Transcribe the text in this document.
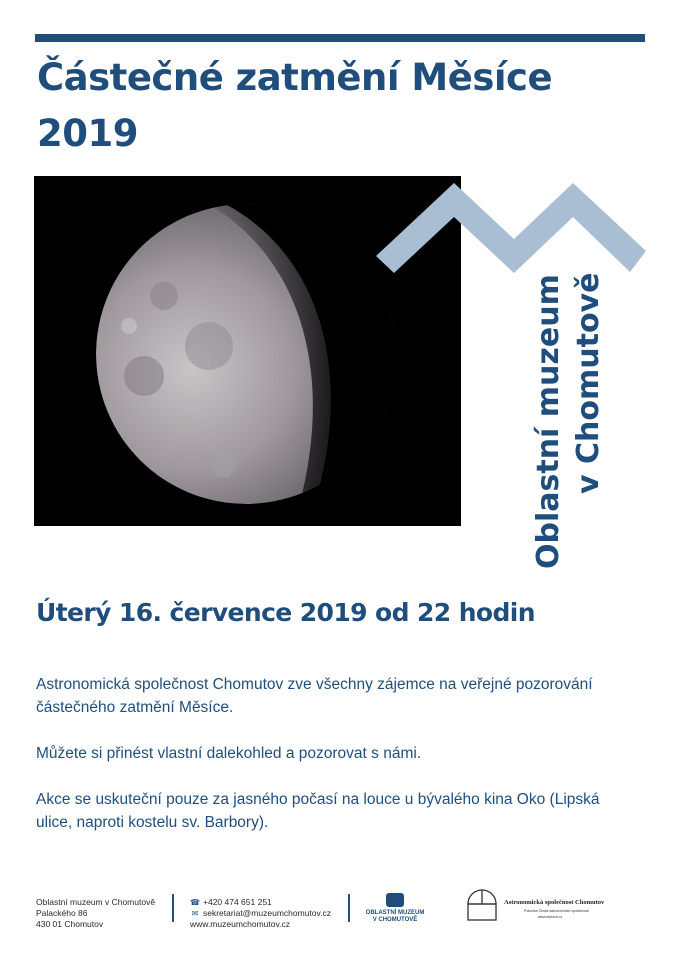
Částečné zatmění Měsíce 2019
Oblastní muzeum v Chomutově
Úterý 16. července 2019 od 22 hodin

Astronomická společnost Chomutov zve všechny zájemce na veřejné pozorování částečného zatmění Měsíce.

Můžete si přinést vlastní dalekohled a pozorovat s námi.

Akce se uskuteční pouze za jasného počasí na louce u bývalého kina Oko (Lipská ulice, naproti kostelu sv. Barbory).

Oblastní muzeum v Chomutově
Palackého 86
430 01 Chomutov
☎ +420 474 651 251
✉ sekretariat@muzeumchomutov.cz
www.muzeumchomutov.cz
OBLASTNÍ MUZEUM
V CHOMUTOVĚ
Astronomická společnost Chomutov
Pobočka České astronomické společnosti
www.astroch.cz
